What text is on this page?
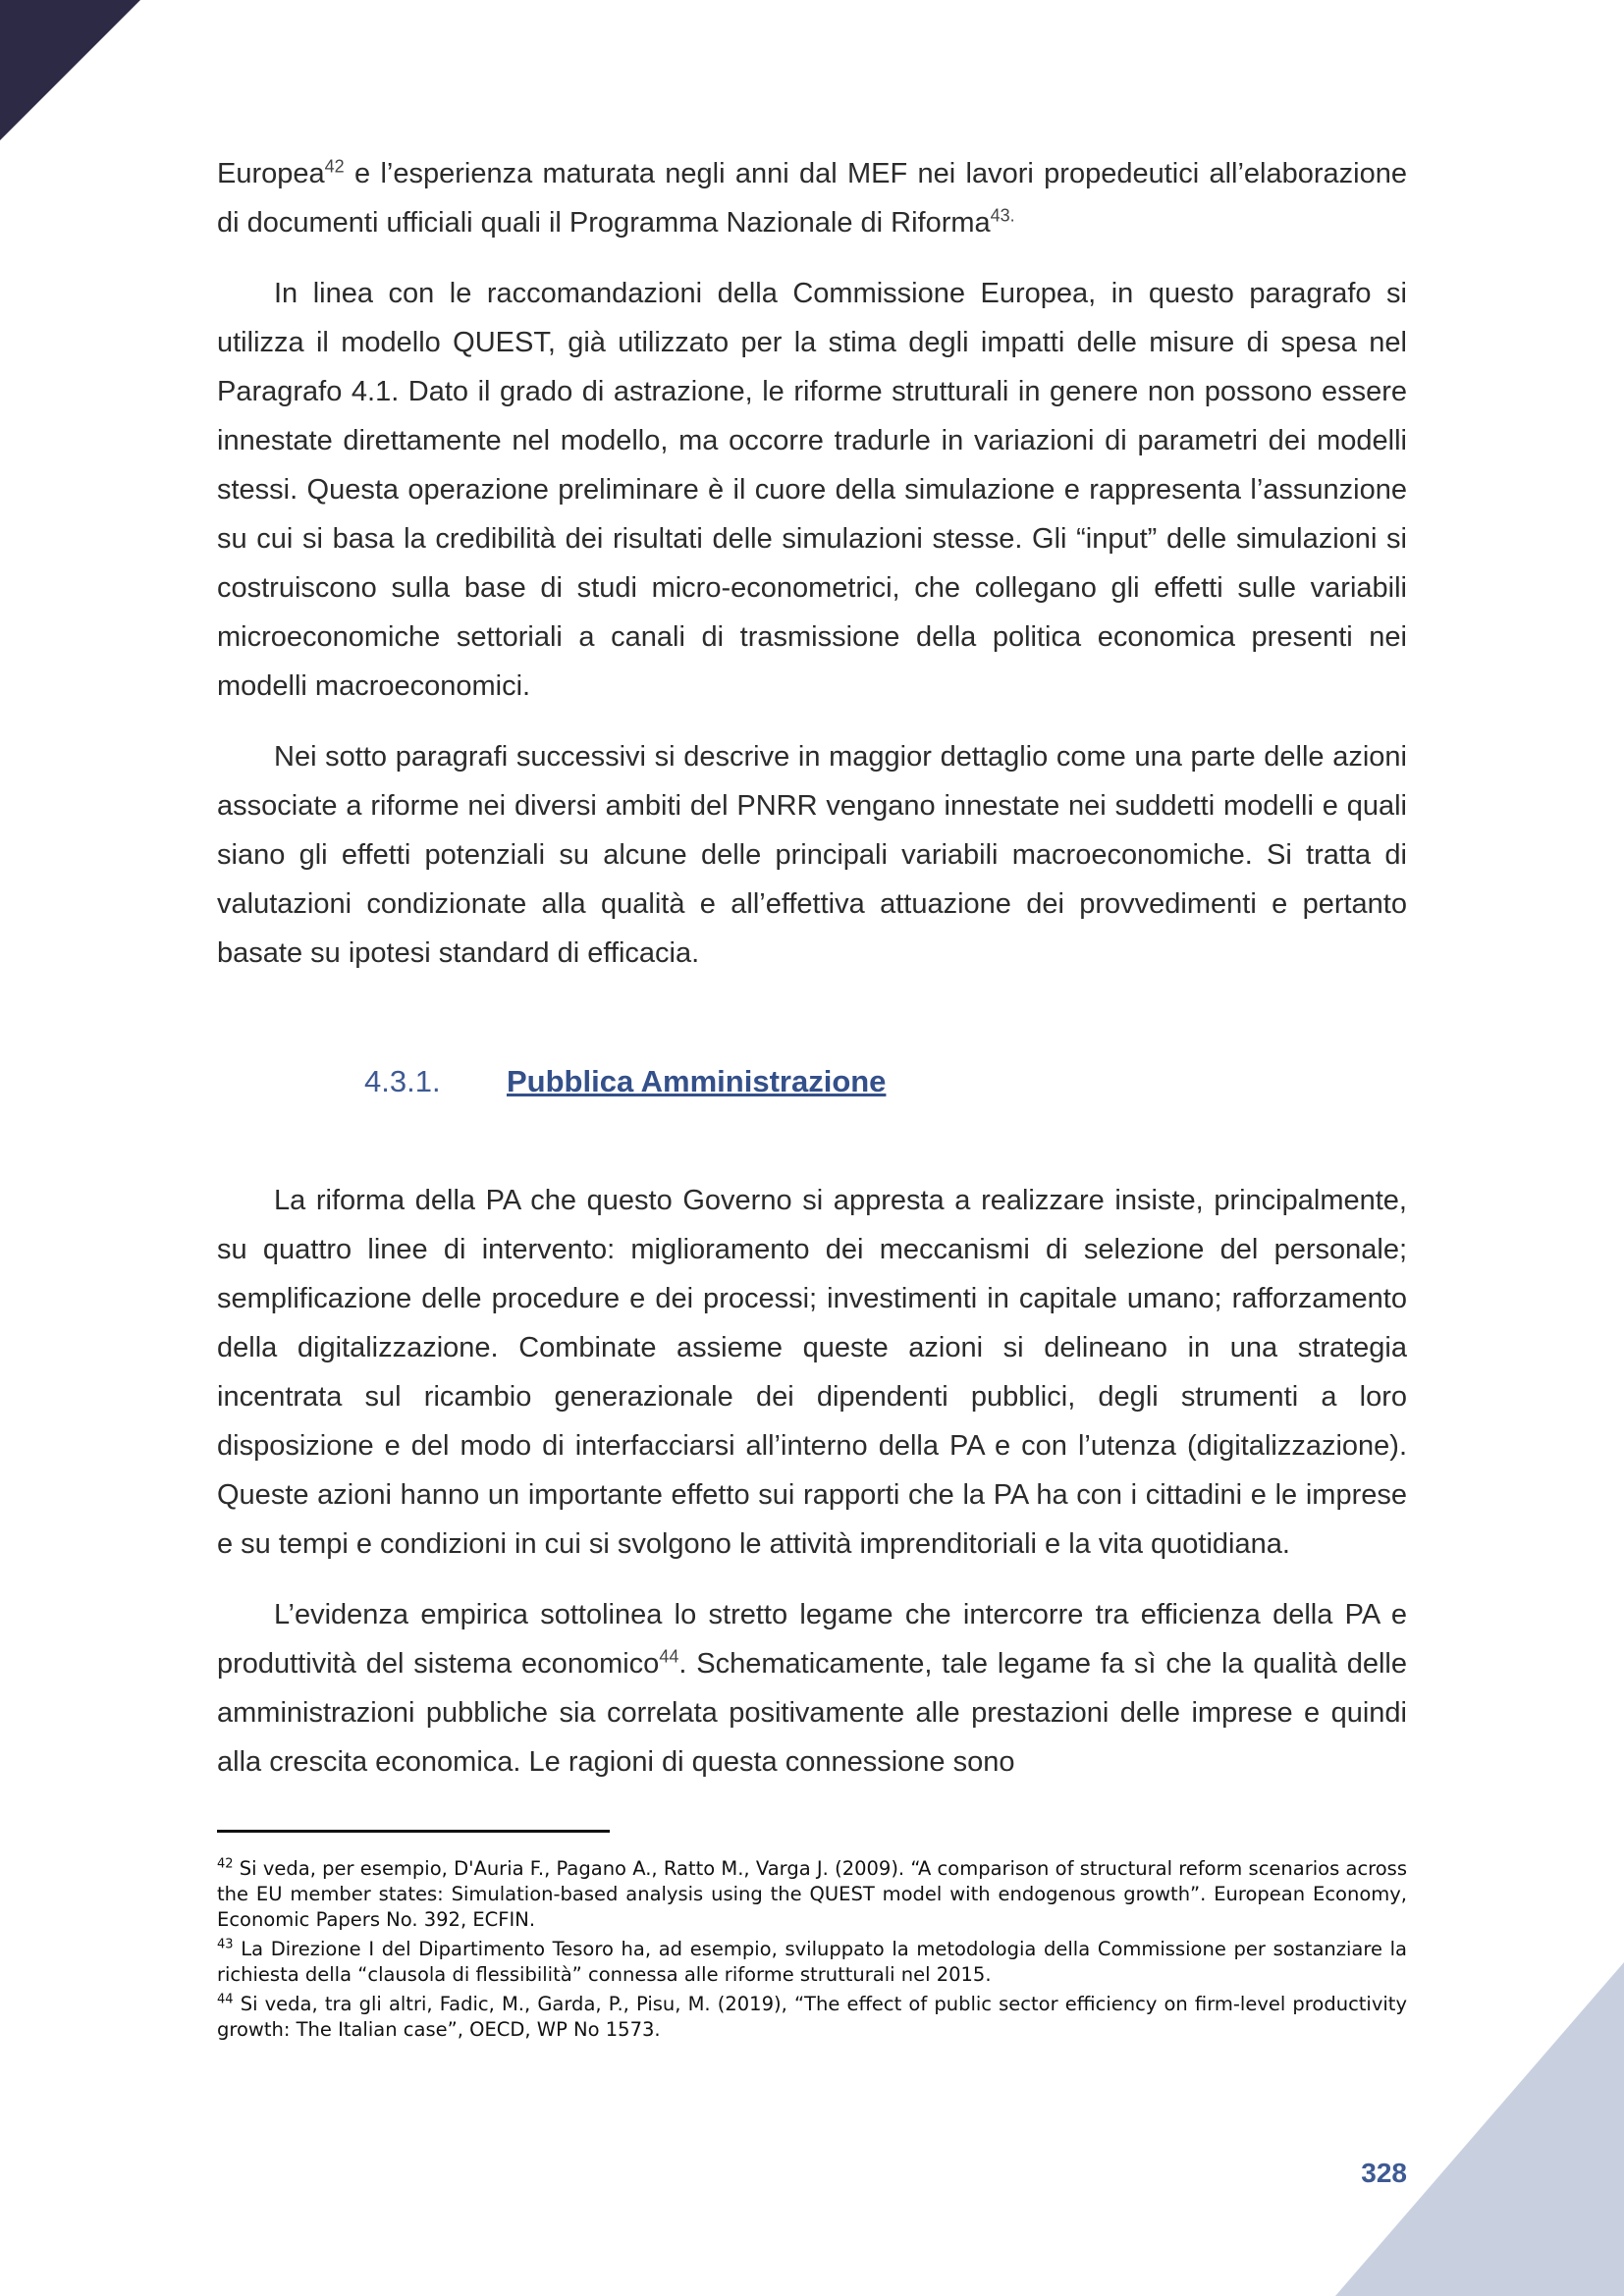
Europea$^{42}$ e l’esperienza maturata negli anni dal MEF nei lavori propedeutici all’elaborazione di documenti ufficiali quali il Programma Nazionale di Riforma$^{43.}$

In linea con le raccomandazioni della Commissione Europea, in questo paragrafo si utilizza il modello QUEST, già utilizzato per la stima degli impatti delle misure di spesa nel Paragrafo 4.1. Dato il grado di astrazione, le riforme strutturali in genere non possono essere innestate direttamente nel modello, ma occorre tradurle in variazioni di parametri dei modelli stessi. Questa operazione preliminare è il cuore della simulazione e rappresenta l’assunzione su cui si basa la credibilità dei risultati delle simulazioni stesse. Gli “input” delle simulazioni si costruiscono sulla base di studi micro-econometrici, che collegano gli effetti sulle variabili microeconomiche settoriali a canali di trasmissione della politica economica presenti nei modelli macroeconomici.

Nei sotto paragrafi successivi si descrive in maggior dettaglio come una parte delle azioni associate a riforme nei diversi ambiti del PNRR vengano innestate nei suddetti modelli e quali siano gli effetti potenziali su alcune delle principali variabili macroeconomiche. Si tratta di valutazioni condizionate alla qualità e all’effettiva attuazione dei provvedimenti e pertanto basate su ipotesi standard di efficacia.

4.3.1.	Pubblica Amministrazione

La riforma della PA che questo Governo si appresta a realizzare insiste, principalmente, su quattro linee di intervento: miglioramento dei meccanismi di selezione del personale; semplificazione delle procedure e dei processi; investimenti in capitale umano; rafforzamento della digitalizzazione. Combinate assieme queste azioni si delineano in una strategia incentrata sul ricambio generazionale dei dipendenti pubblici, degli strumenti a loro disposizione e del modo di interfacciarsi all’interno della PA e con l’utenza (digitalizzazione). Queste azioni hanno un importante effetto sui rapporti che la PA ha con i cittadini e le imprese e su tempi e condizioni in cui si svolgono le attività imprenditoriali e la vita quotidiana.

L’evidenza empirica sottolinea lo stretto legame che intercorre tra efficienza della PA e produttività del sistema economico$^{44}$. Schematicamente, tale legame fa sì che la qualità delle amministrazioni pubbliche sia correlata positivamente alle prestazioni delle imprese e quindi alla crescita economica. Le ragioni di questa connessione sono

$^{42}$ Si veda, per esempio, D'Auria F., Pagano A., Ratto M., Varga J. (2009). “A comparison of structural reform scenarios across the EU member states: Simulation-based analysis using the QUEST model with endogenous growth”. European Economy, Economic Papers No. 392, ECFIN.

$^{43}$ La Direzione I del Dipartimento Tesoro ha, ad esempio, sviluppato la metodologia della Commissione per sostanziare la richiesta della “clausola di flessibilità” connessa alle riforme strutturali nel 2015.

$^{44}$ Si veda, tra gli altri, Fadic, M., Garda, P., Pisu, M. (2019), “The effect of public sector efficiency on firm-level productivity growth: The Italian case”, OECD, WP No 1573.

328
